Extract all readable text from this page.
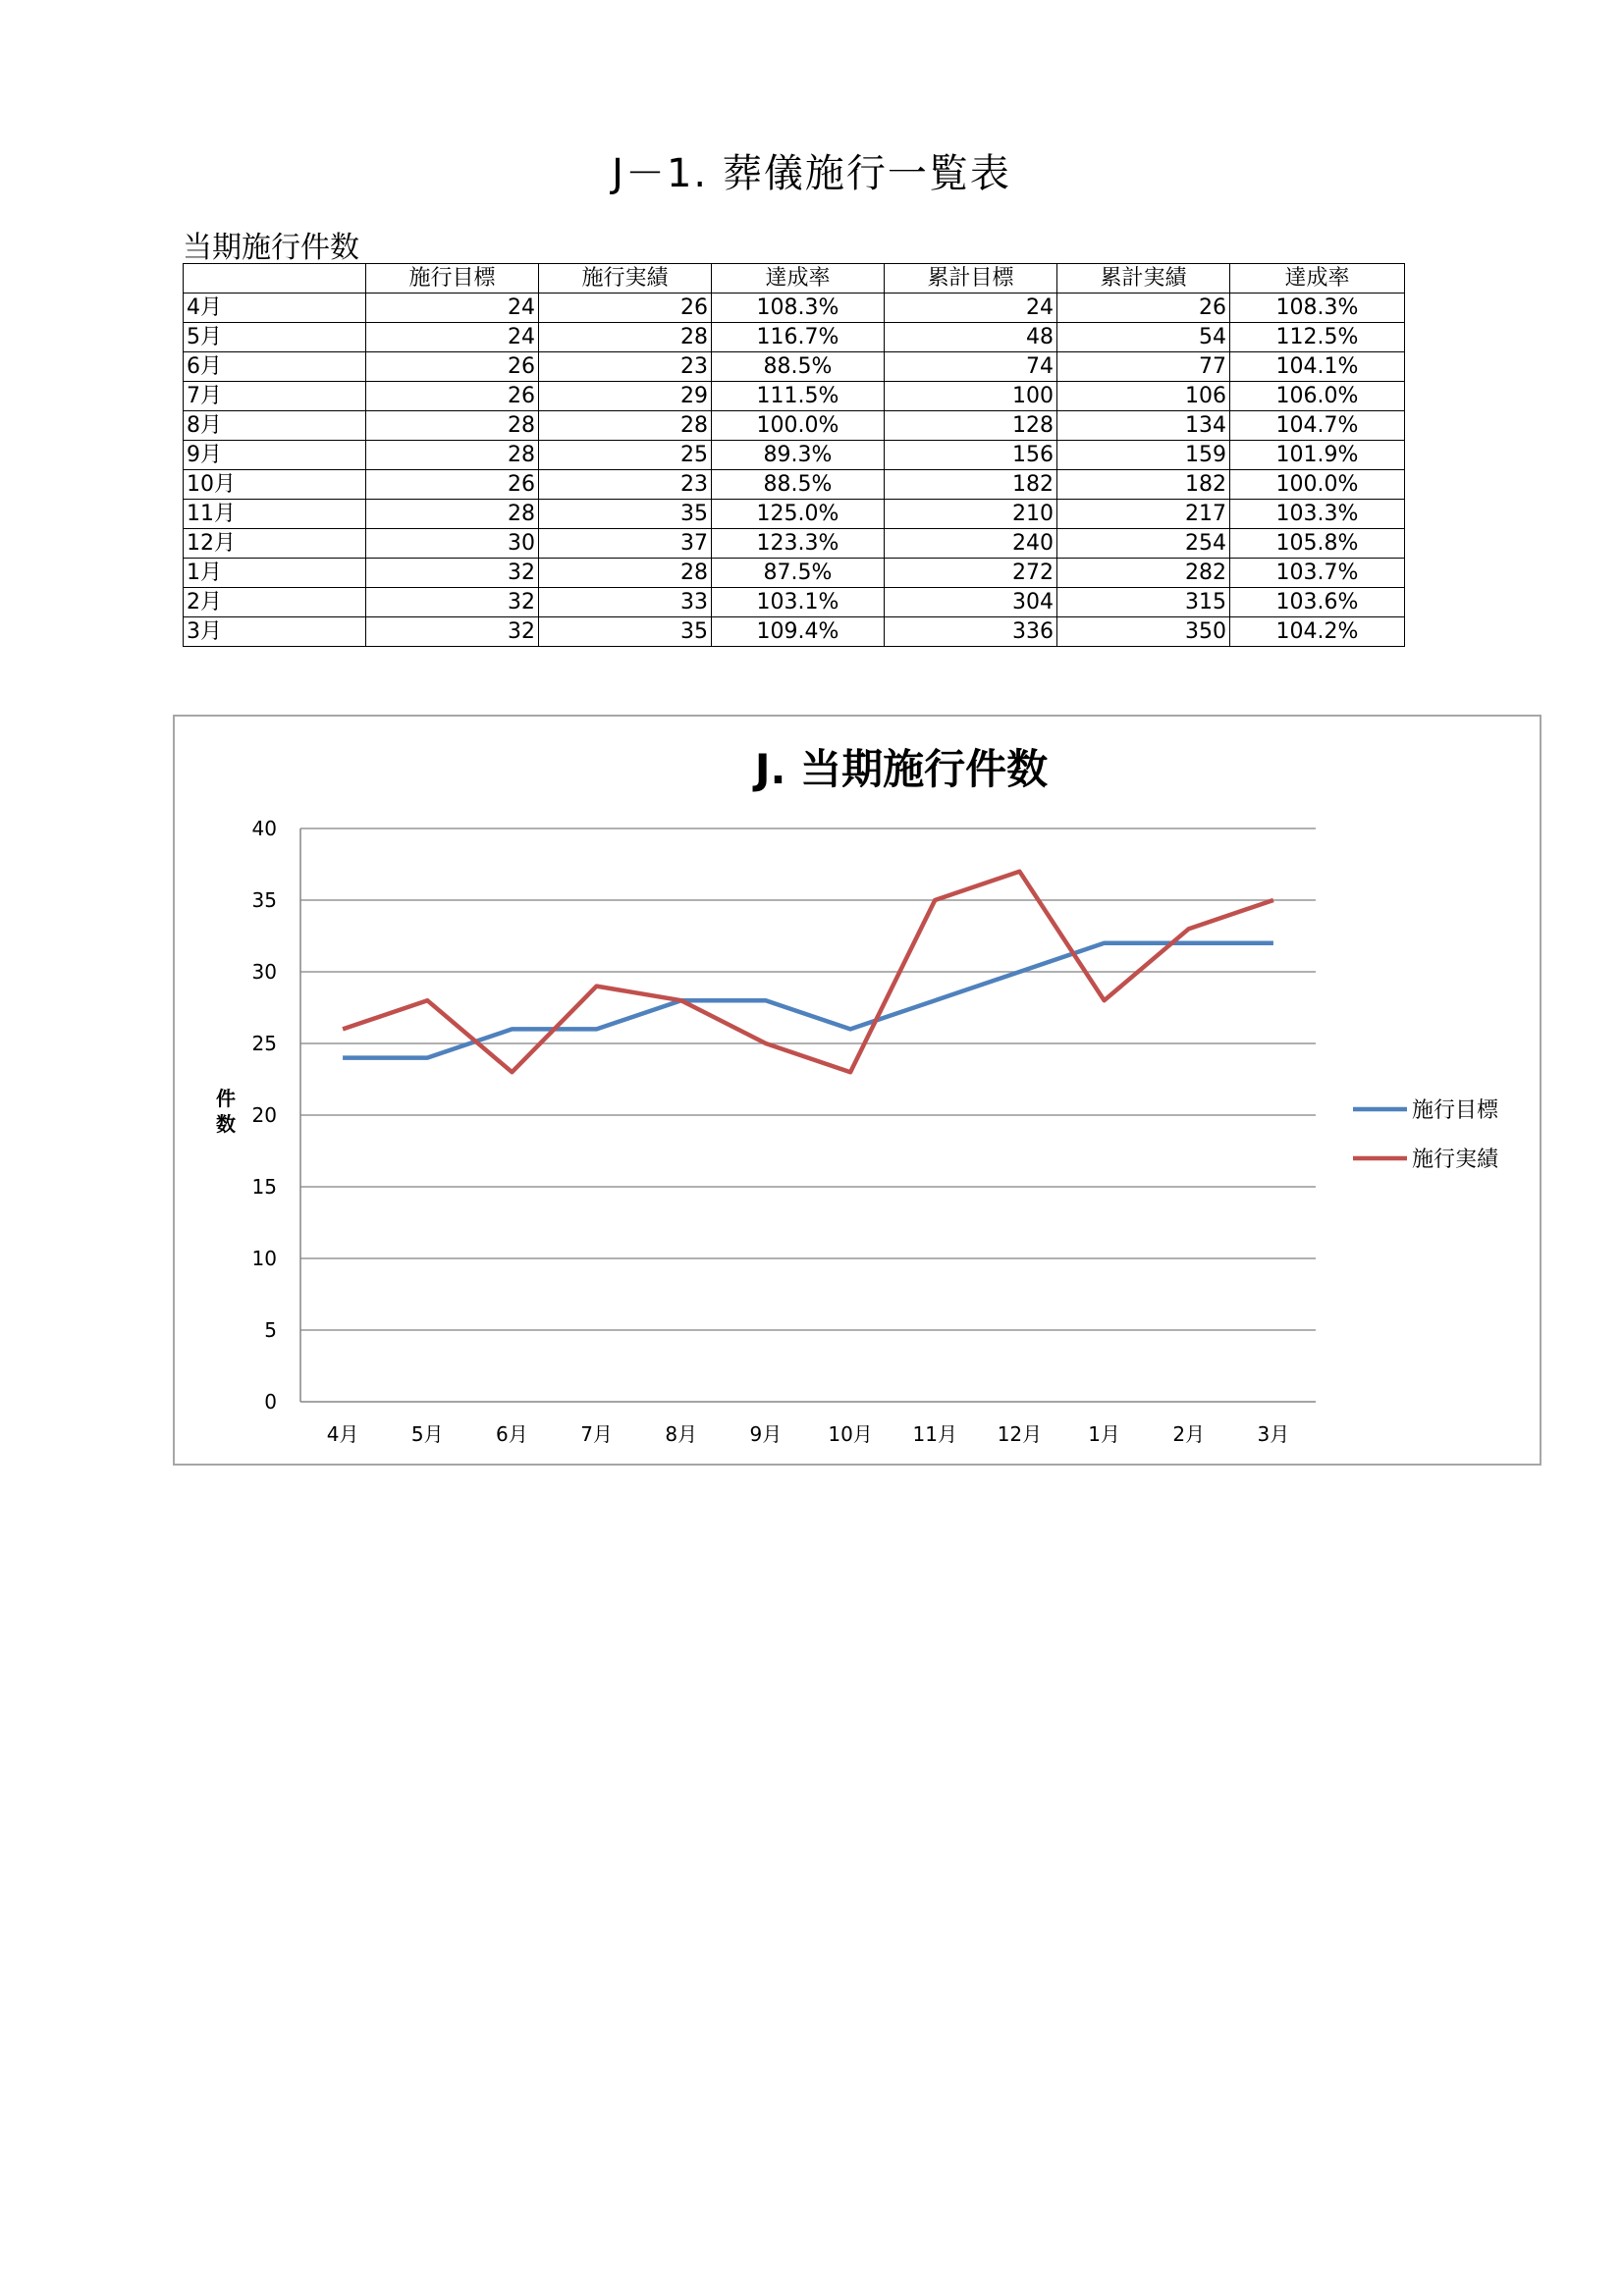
J－1. 葬儀施行一覧表
当期施行件数
	施行目標	施行実績	達成率	累計目標	累計実績	達成率
4月	24	26	108.3%	24	26	108.3%
5月	24	28	116.7%	48	54	112.5%
6月	26	23	88.5%	74	77	104.1%
7月	26	29	111.5%	100	106	106.0%
8月	28	28	100.0%	128	134	104.7%
9月	28	25	89.3%	156	159	101.9%
10月	26	23	88.5%	182	182	100.0%
11月	28	35	125.0%	210	217	103.3%
12月	30	37	123.3%	240	254	105.8%
1月	32	28	87.5%	272	282	103.7%
2月	32	33	103.1%	304	315	103.6%
3月	32	35	109.4%	336	350	104.2%
J. 当期施行件数
0
5
10
15
20
25
30
35
40
4月	5月	6月	7月	8月	9月 10月 11月 12月 1月	2月	3月
件数
施行目標
施行実績
